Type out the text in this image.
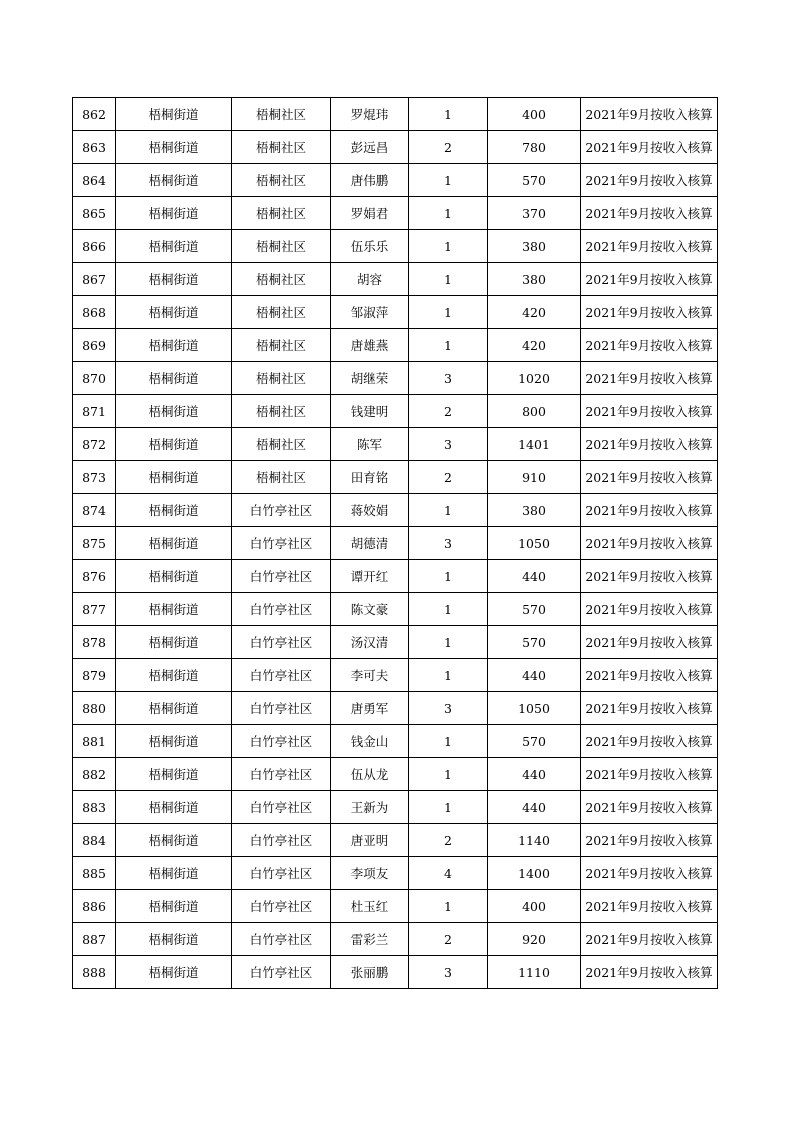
862	梧桐街道	梧桐社区	罗焜玮	1	400	2021年9月按收入核算
863	梧桐街道	梧桐社区	彭远昌	2	780	2021年9月按收入核算
864	梧桐街道	梧桐社区	唐伟鹏	1	570	2021年9月按收入核算
865	梧桐街道	梧桐社区	罗娟君	1	370	2021年9月按收入核算
866	梧桐街道	梧桐社区	伍乐乐	1	380	2021年9月按收入核算
867	梧桐街道	梧桐社区	胡容	1	380	2021年9月按收入核算
868	梧桐街道	梧桐社区	邹淑萍	1	420	2021年9月按收入核算
869	梧桐街道	梧桐社区	唐雄燕	1	420	2021年9月按收入核算
870	梧桐街道	梧桐社区	胡继荣	3	1020	2021年9月按收入核算
871	梧桐街道	梧桐社区	钱建明	2	800	2021年9月按收入核算
872	梧桐街道	梧桐社区	陈军	3	1401	2021年9月按收入核算
873	梧桐街道	梧桐社区	田育铭	2	910	2021年9月按收入核算
874	梧桐街道	白竹亭社区	蒋姣娟	1	380	2021年9月按收入核算
875	梧桐街道	白竹亭社区	胡德清	3	1050	2021年9月按收入核算
876	梧桐街道	白竹亭社区	谭开红	1	440	2021年9月按收入核算
877	梧桐街道	白竹亭社区	陈文豪	1	570	2021年9月按收入核算
878	梧桐街道	白竹亭社区	汤汉清	1	570	2021年9月按收入核算
879	梧桐街道	白竹亭社区	李可夫	1	440	2021年9月按收入核算
880	梧桐街道	白竹亭社区	唐勇军	3	1050	2021年9月按收入核算
881	梧桐街道	白竹亭社区	钱金山	1	570	2021年9月按收入核算
882	梧桐街道	白竹亭社区	伍从龙	1	440	2021年9月按收入核算
883	梧桐街道	白竹亭社区	王新为	1	440	2021年9月按收入核算
884	梧桐街道	白竹亭社区	唐亚明	2	1140	2021年9月按收入核算
885	梧桐街道	白竹亭社区	李项友	4	1400	2021年9月按收入核算
886	梧桐街道	白竹亭社区	杜玉红	1	400	2021年9月按收入核算
887	梧桐街道	白竹亭社区	雷彩兰	2	920	2021年9月按收入核算
888	梧桐街道	白竹亭社区	张丽鹏	3	1110	2021年9月按收入核算
